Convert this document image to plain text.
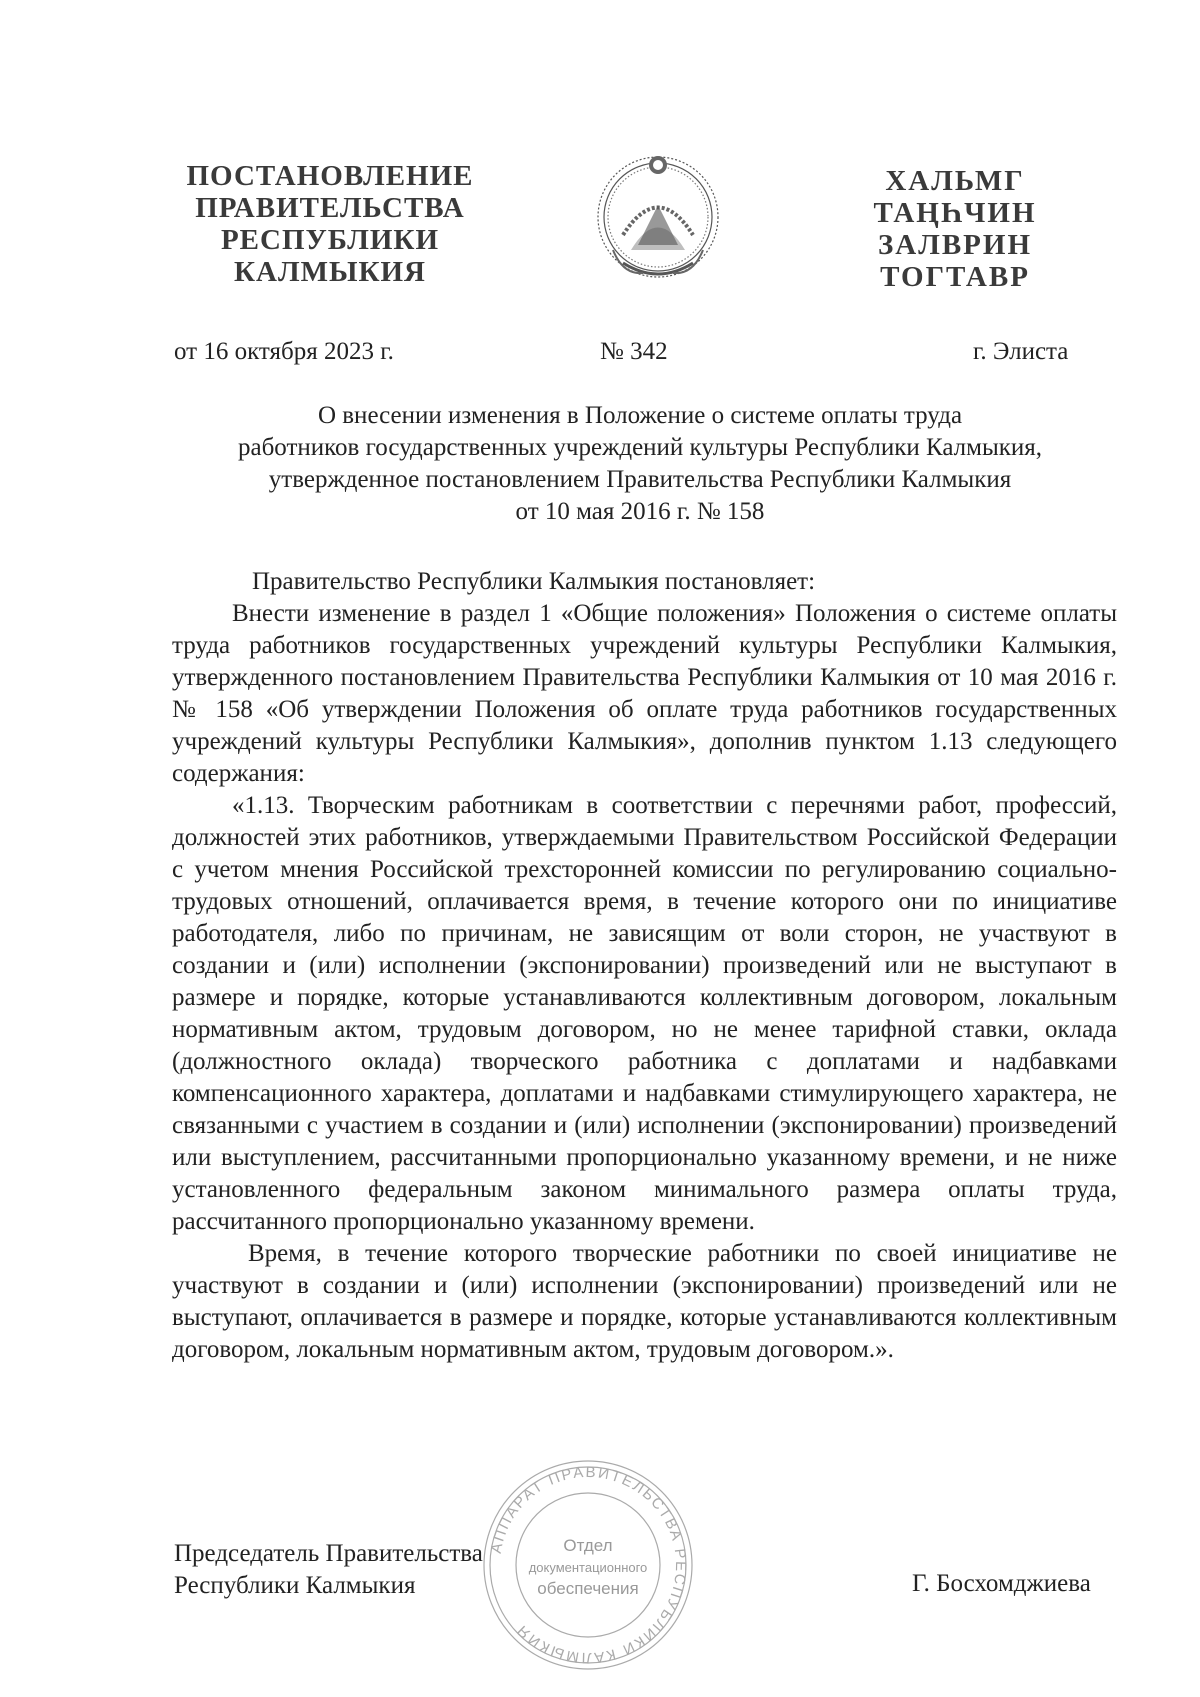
ПОСТАНОВЛЕНИЕ
ПРАВИТЕЛЬСТВА
РЕСПУБЛИКИ
КАЛМЫКИЯ
ХАЛЬМГ
ТАҢҺЧИН
ЗАЛВРИН
ТОГТАВР
от 16 октября 2023 г.	№ 342	г. Элиста
О внесении изменения в Положение о системе оплаты труда
работников государственных учреждений культуры Республики Калмыкия,
утвержденное постановлением Правительства Республики Калмыкия
от 10 мая 2016 г. № 158

Правительство Республики Калмыкия постановляет:

Внести изменение в раздел 1 «Общие положения» Положения о системе оплаты труда работников государственных учреждений культуры Республики Калмыкия, утвержденного постановлением Правительства Республики Калмыкия от 10 мая 2016 г. № 158 «Об утверждении Положения об оплате труда работников государственных учреждений культуры Республики Калмыкия», дополнив пунктом 1.13 следующего содержания:

«1.13. Творческим работникам в соответствии с перечнями работ, профессий, должностей этих работников, утверждаемыми Правительством Российской Федерации с учетом мнения Российской трехсторонней комиссии по регулированию социально-трудовых отношений, оплачивается время, в течение которого они по инициативе работодателя, либо по причинам, не зависящим от воли сторон, не участвуют в создании и (или) исполнении (экспонировании) произведений или не выступают в размере и порядке, которые устанавливаются коллективным договором, локальным нормативным актом, трудовым договором, но не менее тарифной ставки, оклада (должностного оклада) творческого работника с доплатами и надбавками компенсационного характера, доплатами и надбавками стимулирующего характера, не связанными с участием в создании и (или) исполнении (экспонировании) произведений или выступлением, рассчитанными пропорционально указанному времени, и не ниже установленного федеральным законом минимального размера оплаты труда, рассчитанного пропорционально указанному времени.

Время, в течение которого творческие работники по своей инициативе не участвуют в создании и (или) исполнении (экспонировании) произведений или не выступают, оплачивается в размере и порядке, которые устанавливаются коллективным договором, локальным нормативным актом, трудовым договором.».

АППАРАТ ПРАВИТЕЛЬСТВА РЕСПУБЛИКИ КАЛМЫКИЯ
Отдел
документационного
обеспечения
Председатель Правительства
Республики Калмыкия	Г. Босхомджиева
